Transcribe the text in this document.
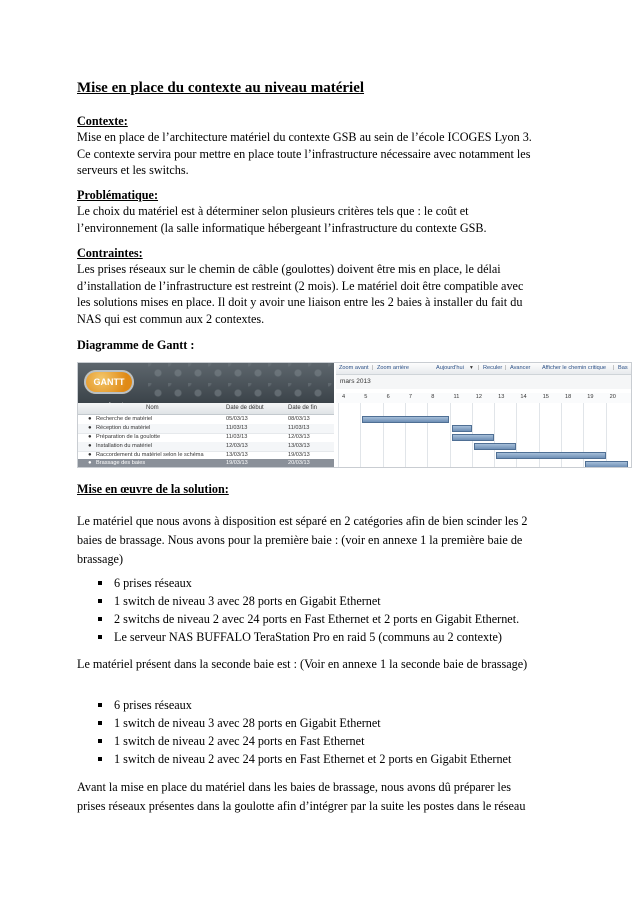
Mise en place du contexte au niveau matériel
Contexte:
Mise en place de l’architecture matériel du contexte GSB au sein de l’école ICOGES Lyon 3.
Ce contexte servira pour mettre en place toute l’infrastructure nécessaire avec notamment les
serveurs et les switchs.
Problématique:
Le choix du matériel est à déterminer selon plusieurs critères tels que : le coût et
l’environnement (la salle informatique hébergeant l’infrastructure du contexte GSB.
Contraintes:
Les prises réseaux sur le chemin de câble (goulottes) doivent être mis en place, le délai
d’installation de l’infrastructure est restreint (2 mois). Le matériel doit être compatible avec
les solutions mises en place. Il doit y avoir une liaison entre les 2 baies à installer du fait du
NAS qui est commun aux 2 contextes.
Diagramme de Gantt :
GANTT
Nom	Date de début	Date de fin
● Recherche de matériel	05/03/13	08/03/13
● Réception du matériel	11/03/13	11/03/13
● Préparation de la goulotte	11/03/13	12/03/13
● Installation du matériel	12/03/13	13/03/13
● Raccordement du matériel selon le schéma	13/03/13	19/03/13
● Brassage des baies	19/03/13	20/03/13
Zoom avant | Zoom arrière	Aujourd'hui ▾ | Reculer | Avancer Afficher le chemin critique | Bas
mars 2013
4	5	6	7	8	11	12	13	14	15	18	19	20
Mise en œuvre de la solution:
Le matériel que nous avons à disposition est séparé en 2 catégories afin de bien scinder les 2
baies de brassage. Nous avons pour la première baie : (voir en annexe 1 la première baie de
brassage)
6 prises réseaux
1 switch de niveau 3 avec 28 ports en Gigabit Ethernet
2 switchs de niveau 2 avec 24 ports en Fast Ethernet et 2 ports en Gigabit Ethernet.
Le serveur NAS BUFFALO TeraStation Pro en raid 5 (communs au 2 contexte)
Le matériel présent dans la seconde baie est : (Voir en annexe 1 la seconde baie de brassage)
6 prises réseaux
1 switch de niveau 3 avec 28 ports en Gigabit Ethernet
1 switch de niveau 2 avec 24 ports en Fast Ethernet
1 switch de niveau 2 avec 24 ports en Fast Ethernet et 2 ports en Gigabit Ethernet
Avant la mise en place du matériel dans les baies de brassage, nous avons dû préparer les
prises réseaux présentes dans la goulotte afin d’intégrer par la suite les postes dans le réseau
